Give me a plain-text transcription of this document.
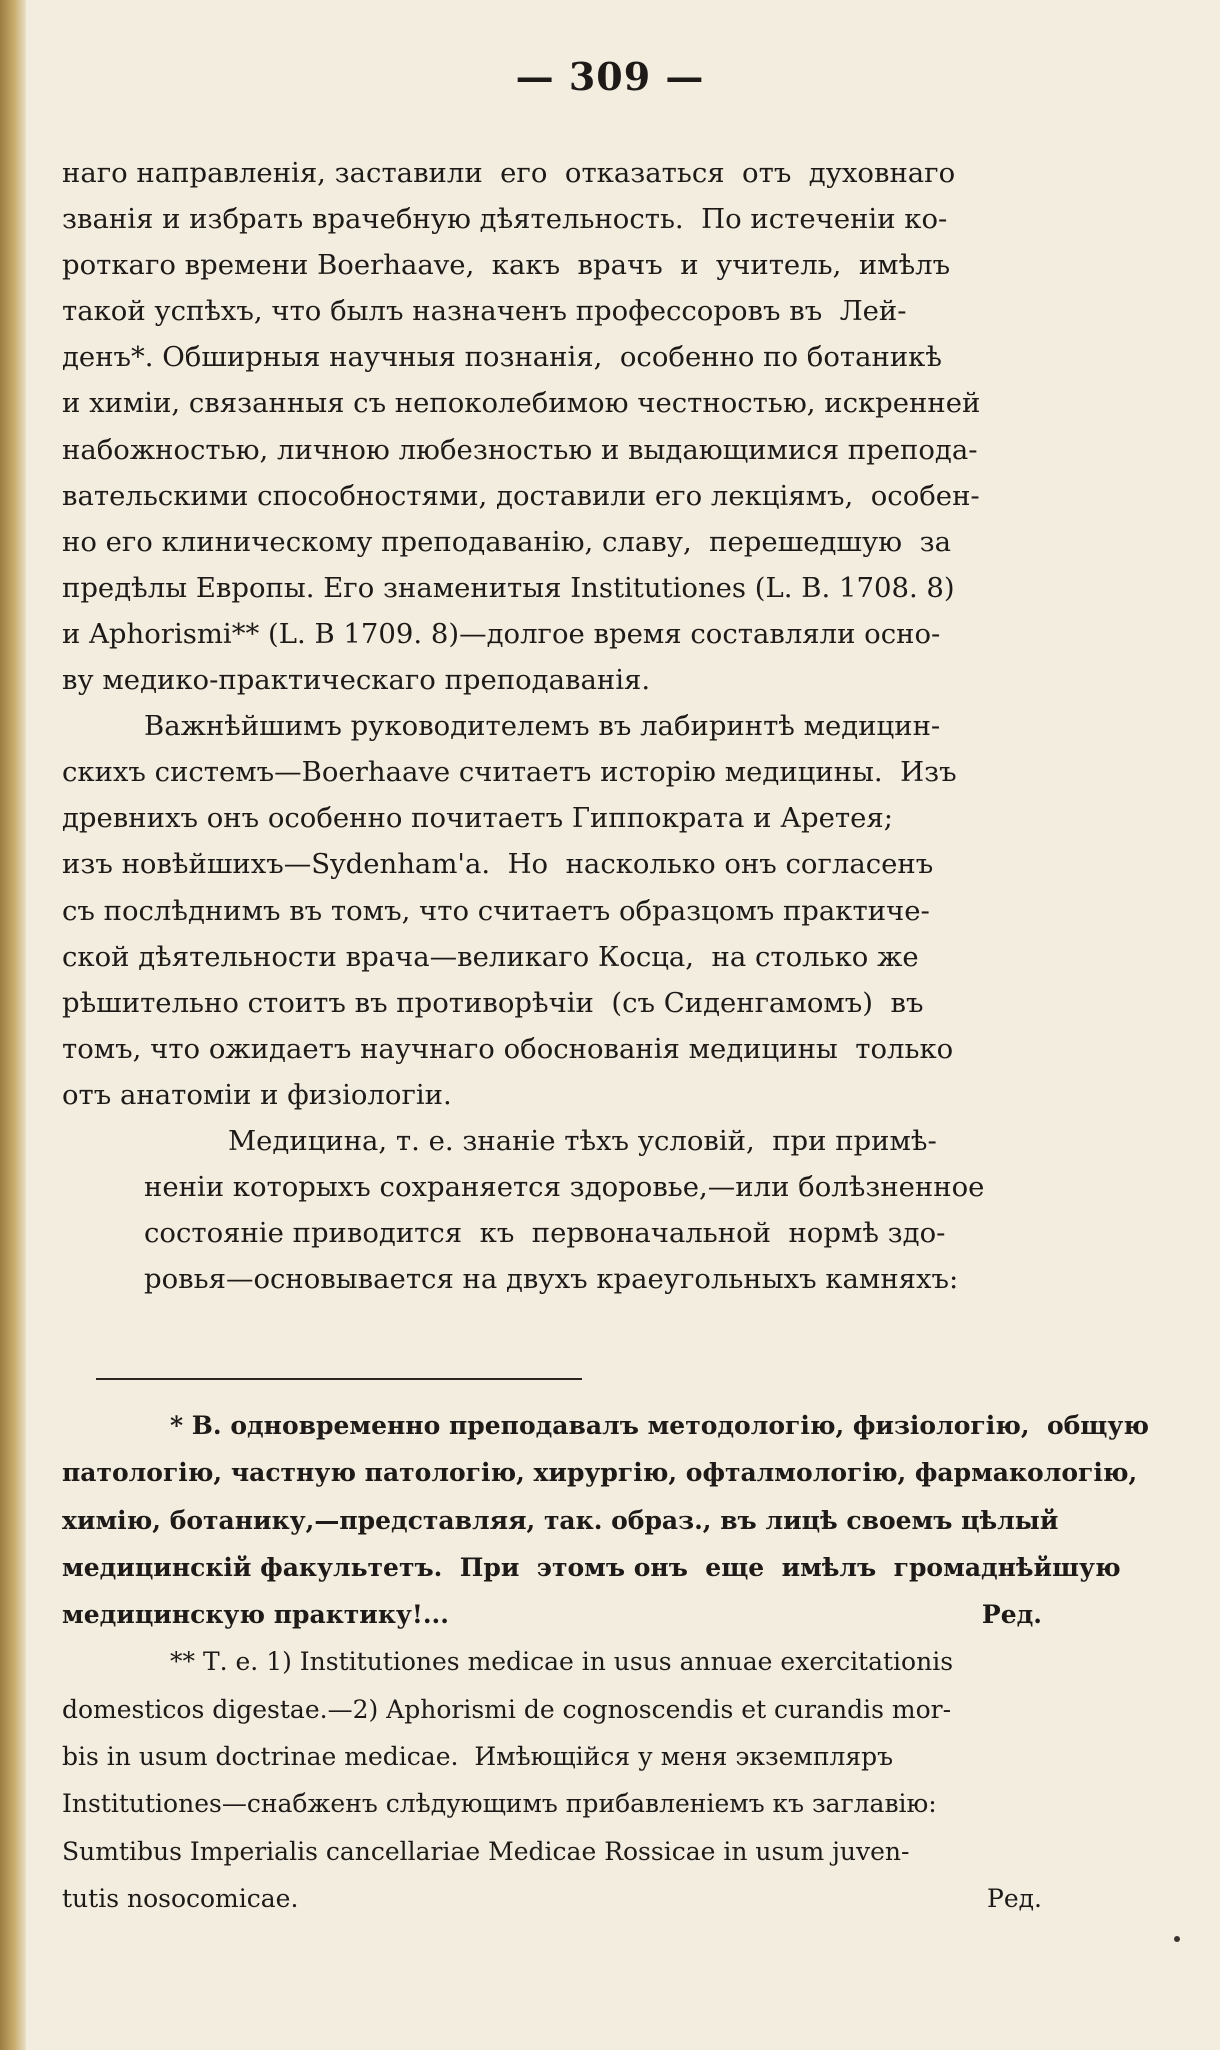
— 309 —
наго направленія, заставили  его  отказаться  отъ  духовнаго
званія и избрать врачебную дѣятельность.  По истеченіи ко-
роткаго времени Boerhaave,  какъ  врачъ  и  учитель,  имѣлъ
такой успѣхъ, что былъ назначенъ профессоровъ въ  Лей-
денъ*. Обширныя научныя познанія,  особенно по ботаникѣ
и химіи, связанныя съ непоколебимою честностью, искренней
набожностью, личною любезностью и выдающимися препода-
вательскими способностями, доставили его лекціямъ,  особен-
но его клиническому преподаванію, славу,  перешедшую  за
предѣлы Европы. Его знаменитыя Institutiones (L. B. 1708. 8)
и Aphorismi** (L. B 1709. 8)—долгое время составляли осно-
ву медико-практическаго преподаванія.
Важнѣйшимъ руководителемъ въ лабиринтѣ медицин-
скихъ системъ—Boerhaave считаетъ исторію медицины.  Изъ
древнихъ онъ особенно почитаетъ Гиппократа и Аретея;
изъ новѣйшихъ—Sydenham'a.  Но  насколько онъ согласенъ
съ послѣднимъ въ томъ, что считаетъ образцомъ практиче-
ской дѣятельности врача—великаго Косца,  на столько же
рѣшительно стоитъ въ противорѣчіи  (съ Сиденгамомъ)  въ
томъ, что ожидаетъ научнаго обоснованія медицины  только
отъ анатоміи и физіологіи.
Медицина, т. е. знаніе тѣхъ условій,  при примѣ-
неніи которыхъ сохраняется здоровье,—или болѣзненное
состояніе приводится  къ  первоначальной  нормѣ здо-
ровья—основывается на двухъ краеугольныхъ камняхъ:
* B. одновременно преподавалъ методологію, физіологію,  общую
патологію, частную патологію, хирургію, офталмологію, фармакологію,
химію, ботанику,—представляя, так. образ., въ лицѣ своемъ цѣлый
медицинскій факультетъ.  При  этомъ онъ  еще  имѣлъ  громаднѣйшую
медицинскую практику!...	Ред.
** Т. е. 1) Institutiones medicae in usus annuae exercitationis
domesticos digestae.—2) Aphorismi de cognoscendis et curandis mor-
bis in usum doctrinae medicae.  Имѣющійся у меня экземпляръ
Institutiones—снабженъ слѣдующимъ прибавленіемъ къ заглавію:
Sumtibus Imperialis cancellariae Medicae Rossicae in usum juven-
tutis nosocomicae.	Ред.
